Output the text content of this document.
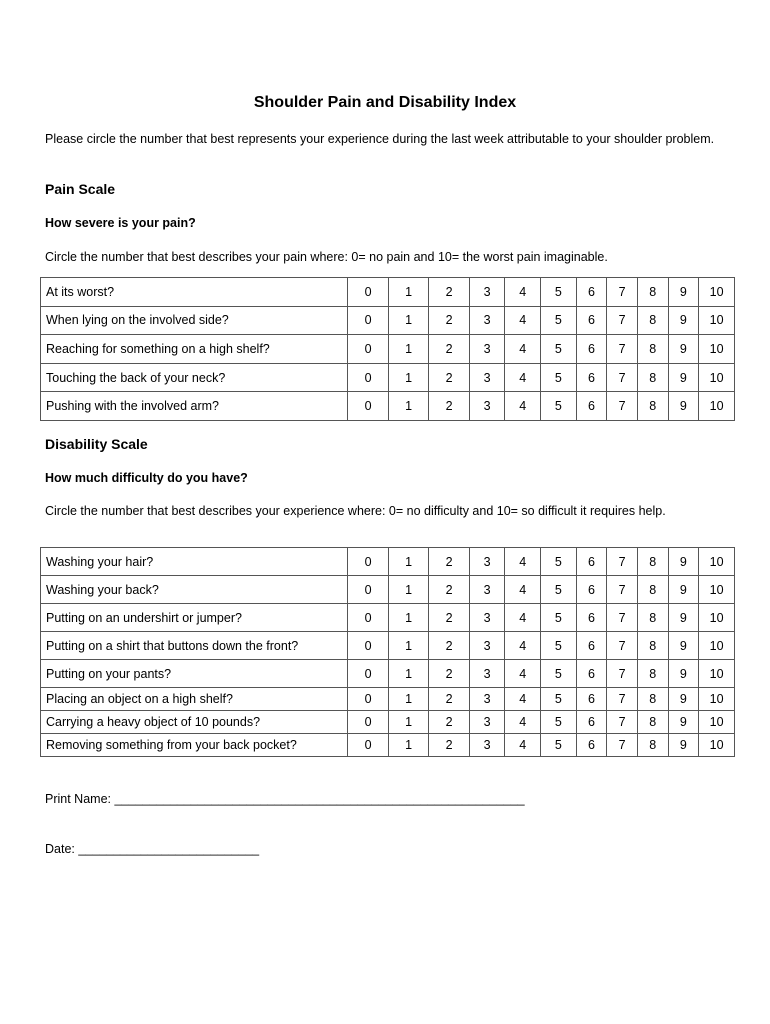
Shoulder Pain and Disability Index
Please circle the number that best represents your experience during the last week attributable to your shoulder problem.
Pain Scale
How severe is your pain?
Circle the number that best describes your pain where: 0= no pain and 10= the worst pain imaginable.
At its worst?	0	1	2	3	4	5	6	7	8	9	10
When lying on the involved side?	0	1	2	3	4	5	6	7	8	9	10
Reaching for something on a high shelf?	0	1	2	3	4	5	6	7	8	9	10
Touching the back of your neck?	0	1	2	3	4	5	6	7	8	9	10
Pushing with the involved arm?	0	1	2	3	4	5	6	7	8	9	10
Disability Scale
How much difficulty do you have?
Circle the number that best describes your experience where: 0= no difficulty and 10= so difficult it requires help.
Washing your hair?	0	1	2	3	4	5	6	7	8	9	10
Washing your back?	0	1	2	3	4	5	6	7	8	9	10
Putting on an undershirt or jumper?	0	1	2	3	4	5	6	7	8	9	10
Putting on a shirt that buttons down the front?	0	1	2	3	4	5	6	7	8	9	10
Putting on your pants?	0	1	2	3	4	5	6	7	8	9	10
Placing an object on a high shelf?	0	1	2	3	4	5	6	7	8	9	10
Carrying a heavy object of 10 pounds?	0	1	2	3	4	5	6	7	8	9	10
Removing something from your back pocket?	0	1	2	3	4	5	6	7	8	9	10
Print Name: ___________________________________________________________
Date: __________________________
